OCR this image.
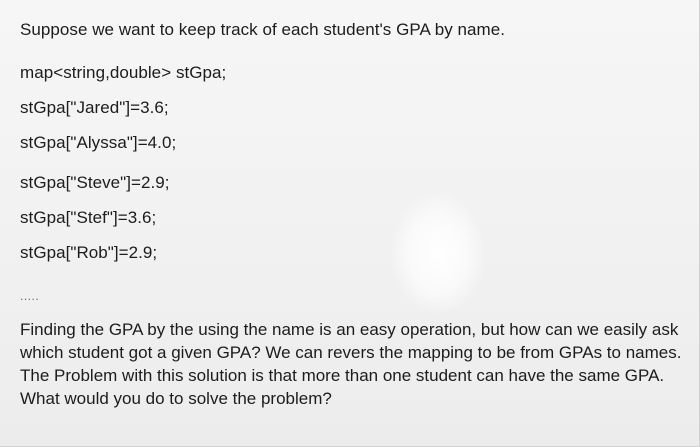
Suppose we want to keep track of each student's GPA by name.
map<string,double> stGpa;
stGpa["Jared"]=3.6;
stGpa["Alyssa"]=4.0;
stGpa["Steve"]=2.9;
stGpa["Stef"]=3.6;
stGpa["Rob"]=2.9;
.....
Finding the GPA by the using the name is an easy operation, but how can we easily ask which student got a given GPA? We can revers the mapping to be from GPAs to names. The Problem with this solution is that more than one student can have the same GPA. What would you do to solve the problem?
